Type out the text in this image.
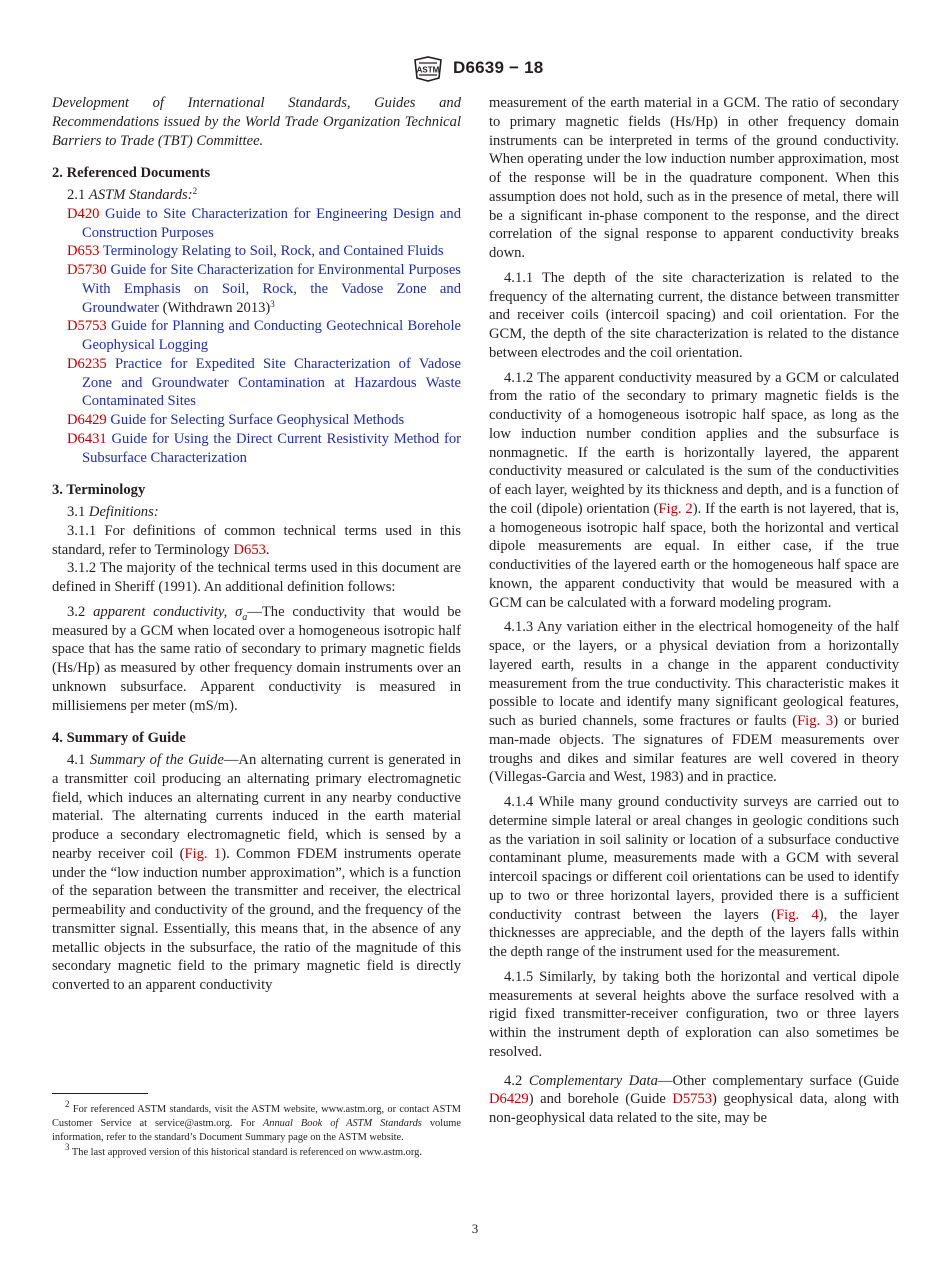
ASTM D6639 − 18

Development of International Standards, Guides and Recommendations issued by the World Trade Organization Technical Barriers to Trade (TBT) Committee.

2. Referenced Documents

2.1 ASTM Standards:$^2$

D420 Guide to Site Characterization for Engineering Design and Construction Purposes

D653 Terminology Relating to Soil, Rock, and Contained Fluids

D5730 Guide for Site Characterization for Environmental Purposes With Emphasis on Soil, Rock, the Vadose Zone and Groundwater (Withdrawn 2013)$^3$

D5753 Guide for Planning and Conducting Geotechnical Borehole Geophysical Logging

D6235 Practice for Expedited Site Characterization of Vadose Zone and Groundwater Contamination at Hazardous Waste Contaminated Sites

D6429 Guide for Selecting Surface Geophysical Methods

D6431 Guide for Using the Direct Current Resistivity Method for Subsurface Characterization

3. Terminology

3.1 Definitions:

3.1.1 For definitions of common technical terms used in this standard, refer to Terminology D653.

3.1.2 The majority of the technical terms used in this document are defined in Sheriff (1991). An additional definition follows:

3.2 apparent conductivity, $\sigma_a—The$ conductivity that would be measured by a GCM when located over a homogeneous isotropic half space that has the same ratio of secondary to primary magnetic fields (Hs/Hp) as measured by other frequency domain instruments over an unknown subsurface. Apparent conductivity is measured in millisiemens per meter (mS/m).

4. Summary of Guide

4.1 Summary of the Guide—An alternating current is generated in a transmitter coil producing an alternating primary electromagnetic field, which induces an alternating current in any nearby conductive material. The alternating currents induced in the earth material produce a secondary electromagnetic field, which is sensed by a nearby receiver coil (Fig. 1). Common FDEM instruments operate under the “low induction number approximation”, which is a function of the separation between the transmitter and receiver, the electrical permeability and conductivity of the ground, and the frequency of the transmitter signal. Essentially, this means that, in the absence of any metallic objects in the subsurface, the ratio of the magnitude of this secondary magnetic field to the primary magnetic field is directly converted to an apparent conductivity

$^2$ For referenced ASTM standards, visit the ASTM website, www.astm.org, or contact ASTM Customer Service at service@astm.org. For Annual Book of ASTM Standards volume information, refer to the standard’s Document Summary page on the ASTM website.

$^3$ The last approved version of this historical standard is referenced on www.astm.org.

measurement of the earth material in a GCM. The ratio of secondary to primary magnetic fields (Hs/Hp) in other frequency domain instruments can be interpreted in terms of the ground conductivity. When operating under the low induction number approximation, most of the response will be in the quadrature component. When this assumption does not hold, such as in the presence of metal, there will be a significant in-phase component to the response, and the direct correlation of the signal response to apparent conductivity breaks down.

4.1.1 The depth of the site characterization is related to the frequency of the alternating current, the distance between transmitter and receiver coils (intercoil spacing) and coil orientation. For the GCM, the depth of the site characterization is related to the distance between electrodes and the coil orientation.

4.1.2 The apparent conductivity measured by a GCM or calculated from the ratio of the secondary to primary magnetic fields is the conductivity of a homogeneous isotropic half space, as long as the low induction number condition applies and the subsurface is nonmagnetic. If the earth is horizontally layered, the apparent conductivity measured or calculated is the sum of the conductivities of each layer, weighted by its thickness and depth, and is a function of the coil (dipole) orientation (Fig. 2). If the earth is not layered, that is, a homogeneous isotropic half space, both the horizontal and vertical dipole measurements are equal. In either case, if the true conductivities of the layered earth or the homogeneous half space are known, the apparent conductivity that would be measured with a GCM can be calculated with a forward modeling program.

4.1.3 Any variation either in the electrical homogeneity of the half space, or the layers, or a physical deviation from a horizontally layered earth, results in a change in the apparent conductivity measurement from the true conductivity. This characteristic makes it possible to locate and identify many significant geological features, such as buried channels, some fractures or faults (Fig. 3) or buried man-made objects. The signatures of FDEM measurements over troughs and dikes and similar features are well covered in theory (Villegas-Garcia and West, 1983) and in practice.

4.1.4 While many ground conductivity surveys are carried out to determine simple lateral or areal changes in geologic conditions such as the variation in soil salinity or location of a subsurface conductive contaminant plume, measurements made with a GCM with several intercoil spacings or different coil orientations can be used to identify up to two or three horizontal layers, provided there is a sufficient conductivity contrast between the layers (Fig. 4), the layer thicknesses are appreciable, and the depth of the layers falls within the depth range of the instrument used for the measurement.

4.1.5 Similarly, by taking both the horizontal and vertical dipole measurements at several heights above the surface resolved with a rigid fixed transmitter-receiver configuration, two or three layers within the instrument depth of exploration can also sometimes be resolved.

4.2 Complementary Data—Other complementary surface (Guide D6429) and borehole (Guide D5753) geophysical data, along with non-geophysical data related to the site, may be

3
